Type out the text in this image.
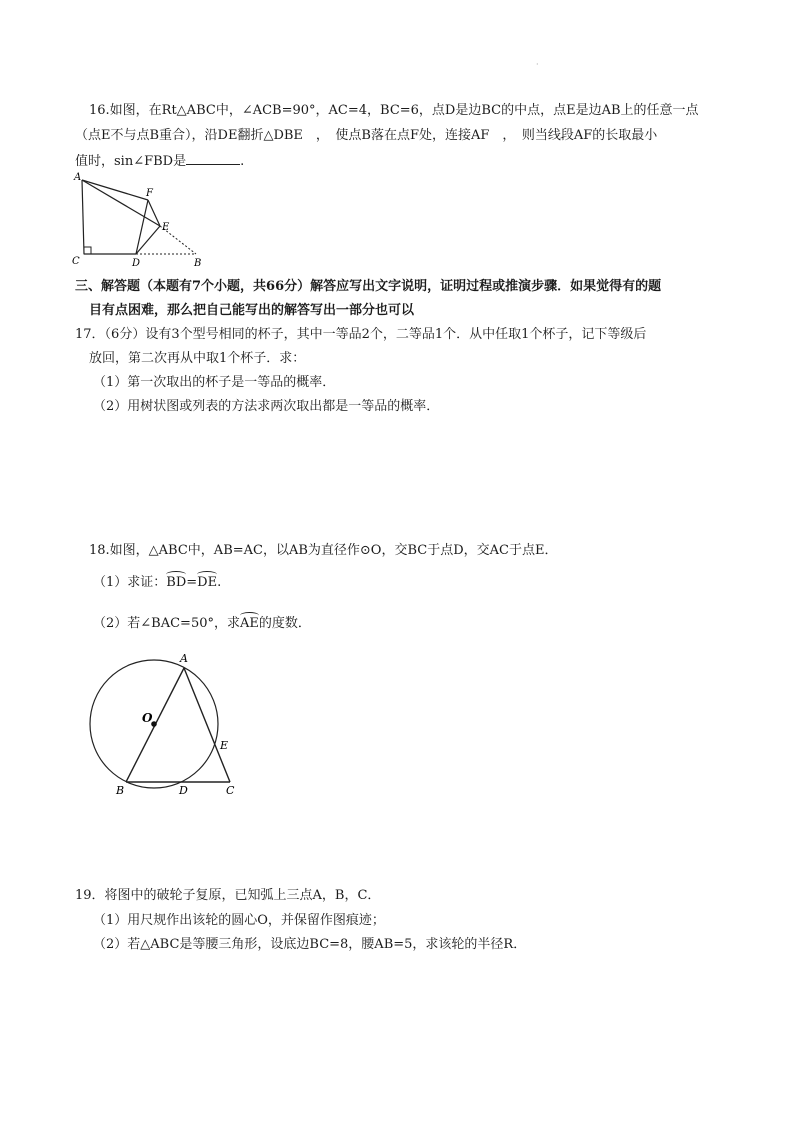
·
16.如图，在Rt△ABC中，∠ACB=90°，AC=4，BC=6，点D是边BC的中点，点E是边AB上的任意一点
（点E不与点B重合），沿DE翻折△DBE　，　使点B落在点F处，连接AF　，　则当线段AF的长取最小
值时，sin∠FBD是	.
A
F
E
C	D	B
三、解答题（本题有7个小题，共66分）解答应写出文字说明，证明过程或推演步骤．如果觉得有的题
目有点困难，那么把自己能写出的解答写出一部分也可以
17．（6分）设有3个型号相同的杯子，其中一等品2个，二等品1个．从中任取1个杯子，记下等级后
放回，第二次再从中取1个杯子．求：
（1）第一次取出的杯子是一等品的概率．
（2）用树状图或列表的方法求两次取出都是一等品的概率．
18.如图，△ABC中，AB=AC，以AB为直径作⊙O，交BC于点D，交AC于点E．
（1）求证：BD=DE.
（2）若∠BAC=50°，求AE的度数．
A
O
E
B	D	C
19．将图中的破轮子复原，已知弧上三点A，B，C．
（1）用尺规作出该轮的圆心O，并保留作图痕迹；
（2）若△ABC是等腰三角形，设底边BC=8，腰AB=5，求该轮的半径R．
